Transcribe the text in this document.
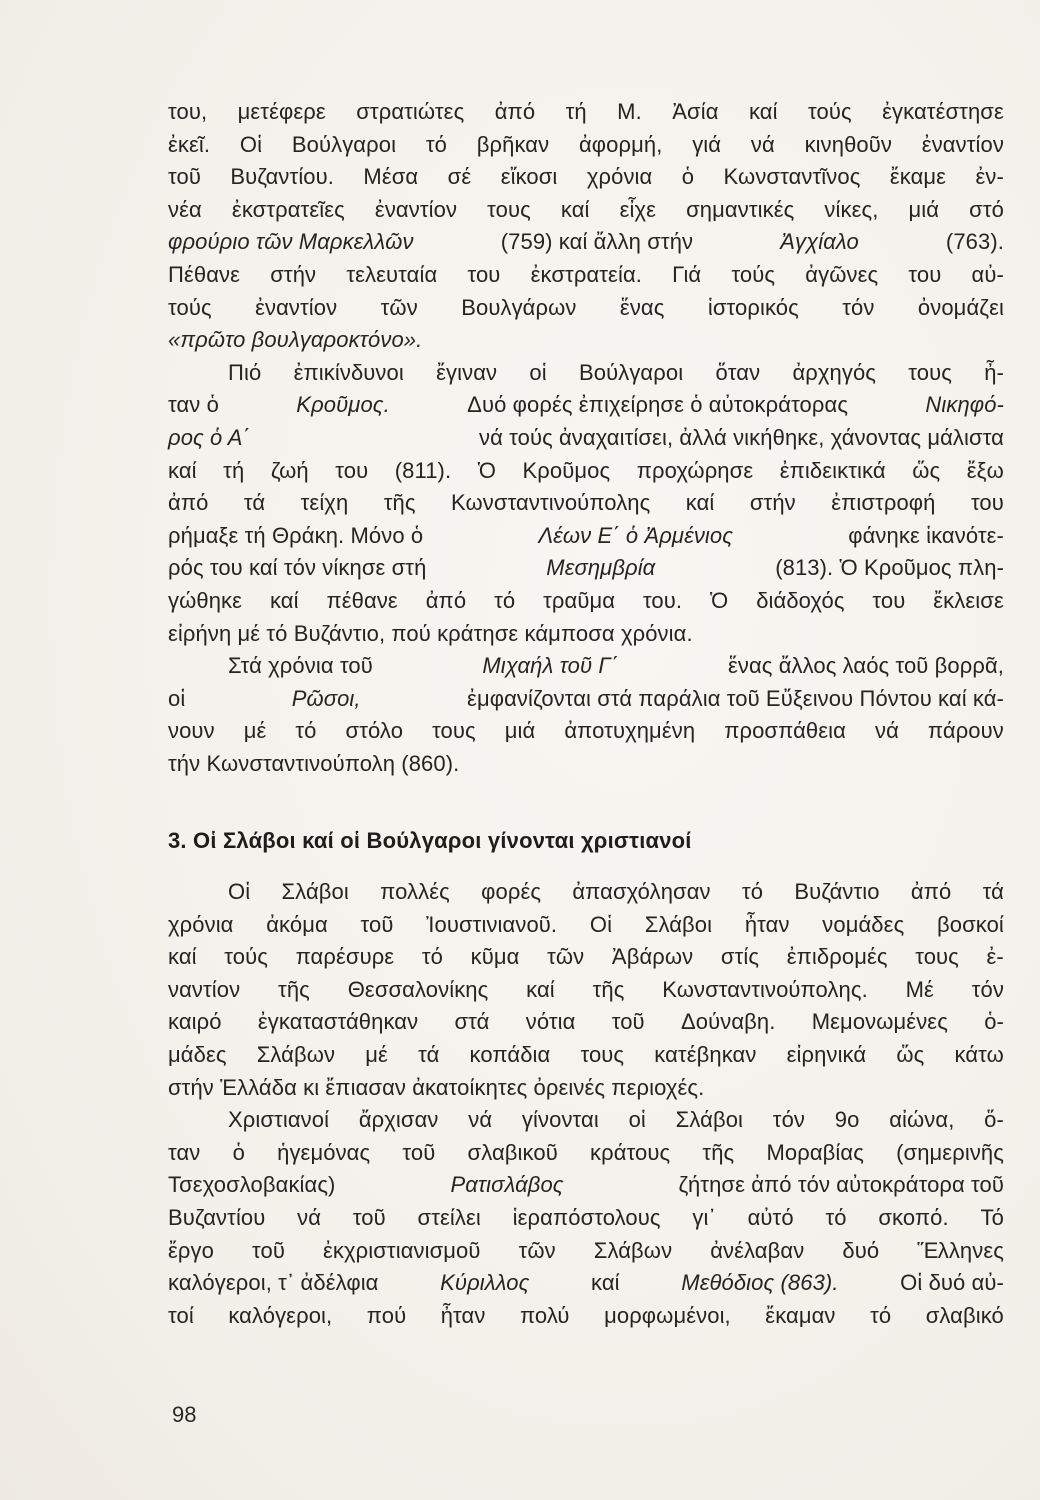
του, μετέφερε στρατιώτες ἀπό τή Μ. Ἀσία καί τούς ἐγκατέστησε
ἐκεῖ. Οἱ Βούλγαροι τό βρῆκαν ἀφορμή, γιά νά κινηθοῦν ἐναντίον
τοῦ Βυζαντίου. Μέσα σέ εἴκοσι χρόνια ὁ Κωνσταντῖνος ἔκαμε ἐν-
νέα ἐκστρατεῖες ἐναντίον τους καί εἶχε σημαντικές νίκες, μιά στό
φρούριο τῶν Μαρκελλῶν	(759) καί ἄλλη στήν	Ἀγχίαλο	(763).
Πέθανε στήν τελευταία του ἐκστρατεία. Γιά τούς ἀγῶνες του αὐ-
τούς ἐναντίον τῶν Βουλγάρων ἕνας ἱστορικός τόν ὀνομάζει
«πρῶτο βουλγαροκτόνο».
Πιό ἐπικίνδυνοι ἔγιναν οἱ Βούλγαροι ὅταν ἀρχηγός τους ἦ-
ταν ὁ	Κροῦμος.	Δυό φορές ἐπιχείρησε ὁ αὐτοκράτορας	Νικηφό-
ρος ὁ Α΄	νά τούς ἀναχαιτίσει, ἀλλά νικήθηκε, χάνοντας μάλιστα
καί τή ζωή του (811). Ὁ Κροῦμος προχώρησε ἐπιδεικτικά ὥς ἔξω
ἀπό τά τείχη τῆς Κωνσταντινούπολης καί στήν ἐπιστροφή του
ρήμαξε τή Θράκη. Μόνο ὁ	Λέων Ε΄ ὁ Ἀρμένιος	φάνηκε ἱκανότε-
ρός του καί τόν νίκησε στή	Μεσημβρία	(813). Ὁ Κροῦμος πλη-
γώθηκε καί πέθανε ἀπό τό τραῦμα του. Ὁ διάδοχός του ἔκλεισε
εἰρήνη μέ τό Βυζάντιο, πού κράτησε κάμποσα χρόνια.
Στά χρόνια τοῦ	Μιχαήλ τοῦ Γ΄	ἕνας ἄλλος λαός τοῦ βορρᾶ,
οἱ	Ρῶσοι,	ἐμφανίζονται στά παράλια τοῦ Εὔξεινου Πόντου καί κά-
νουν μέ τό στόλο τους μιά ἀποτυχημένη προσπάθεια νά πάρουν
τήν Κωνσταντινούπολη (860).
3. Οἱ Σλάβοι καί οἱ Βούλγαροι γίνονται χριστιανοί
Οἱ Σλάβοι πολλές φορές ἀπασχόλησαν τό Βυζάντιο ἀπό τά
χρόνια ἀκόμα τοῦ Ἰουστινιανοῦ. Οἱ Σλάβοι ἦταν νομάδες βοσκοί
καί τούς παρέσυρε τό κῦμα τῶν Ἀβάρων στίς ἐπιδρομές τους ἐ-
ναντίον τῆς Θεσσαλονίκης καί τῆς Κωνσταντινούπολης. Μέ τόν
καιρό ἐγκαταστάθηκαν στά νότια τοῦ Δούναβη. Μεμονωμένες ὁ-
μάδες Σλάβων μέ τά κοπάδια τους κατέβηκαν εἰρηνικά ὥς κάτω
στήν Ἑλλάδα κι ἔπιασαν ἀκατοίκητες ὀρεινές περιοχές.
Χριστιανοί ἄρχισαν νά γίνονται οἱ Σλάβοι τόν 9ο αἰώνα, ὅ-
ταν ὁ ἡγεμόνας τοῦ σλαβικοῦ κράτους τῆς Μοραβίας (σημερινῆς
Τσεχοσλοβακίας)	Ρατισλάβος	ζήτησε ἀπό τόν αὐτοκράτορα τοῦ
Βυζαντίου νά τοῦ στείλει ἱεραπόστολους γι᾽ αὐτό τό σκοπό. Τό
ἔργο τοῦ ἐκχριστιανισμοῦ τῶν Σλάβων ἀνέλαβαν δυό Ἕλληνες
καλόγεροι, τ᾽ ἀδέλφια	Κύριλλος	καί	Μεθόδιος (863).	Οἱ δυό αὐ-
τοί καλόγεροι, πού ἦταν πολύ μορφωμένοι, ἔκαμαν τό σλαβικό
98
